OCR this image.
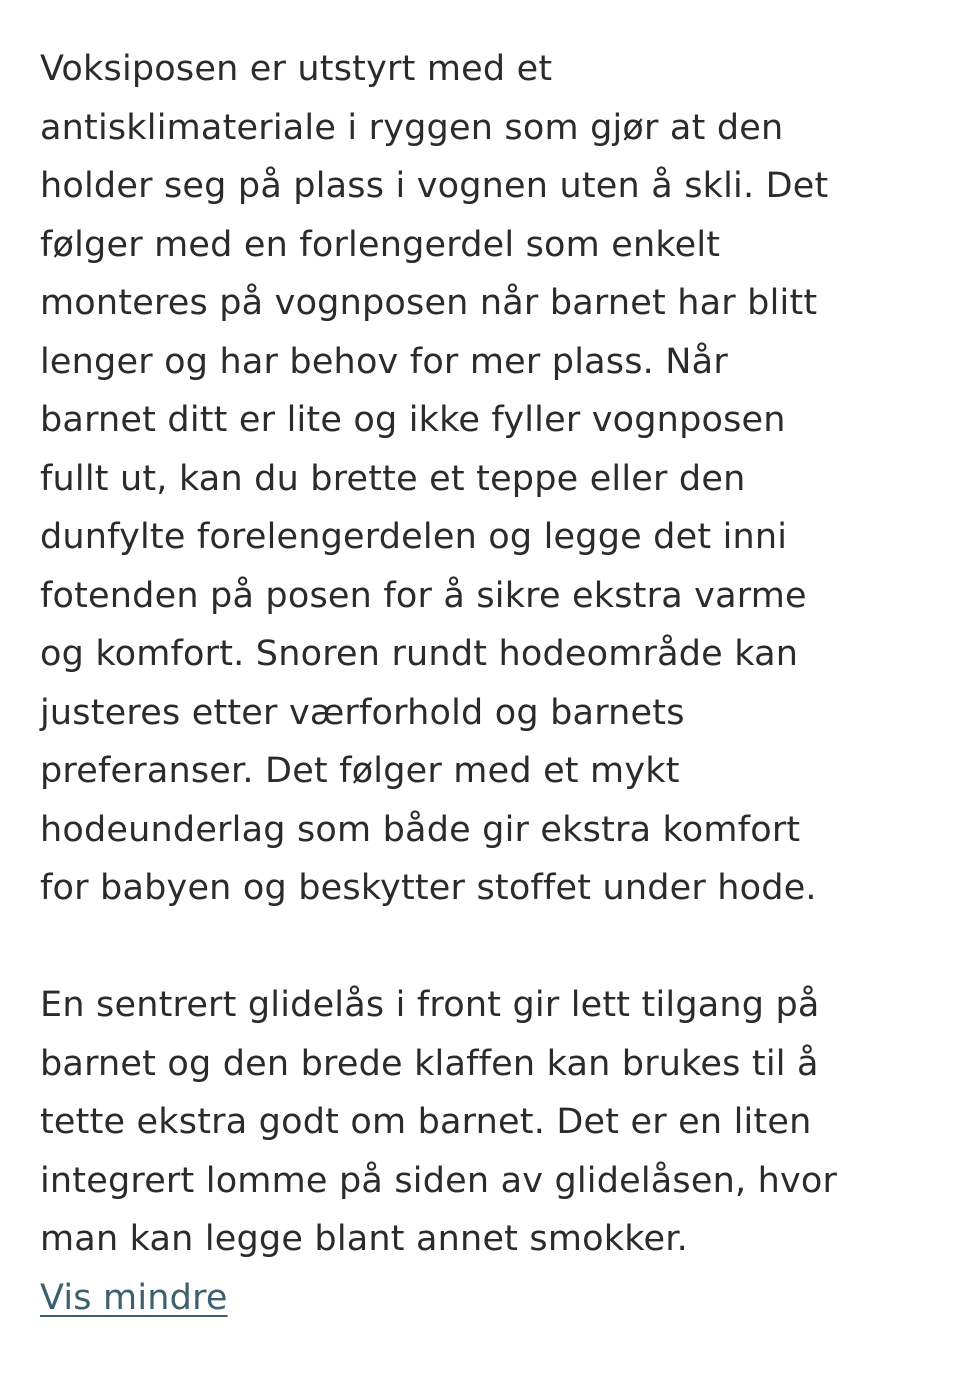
Voksiposen er utstyrt med et
antisklimateriale i ryggen som gjør at den
holder seg på plass i vognen uten å skli. Det
følger med en forlengerdel som enkelt
monteres på vognposen når barnet har blitt
lenger og har behov for mer plass. Når
barnet ditt er lite og ikke fyller vognposen
fullt ut, kan du brette et teppe eller den
dunfylte forelengerdelen og legge det inni
fotenden på posen for å sikre ekstra varme
og komfort. Snoren rundt hodeområde kan
justeres etter værforhold og barnets
preferanser. Det følger med et mykt
hodeunderlag som både gir ekstra komfort
for babyen og beskytter stoffet under hode.
En sentrert glidelås i front gir lett tilgang på
barnet og den brede klaffen kan brukes til å
tette ekstra godt om barnet. Det er en liten
integrert lomme på siden av glidelåsen, hvor
man kan legge blant annet smokker.
Vis mindre
